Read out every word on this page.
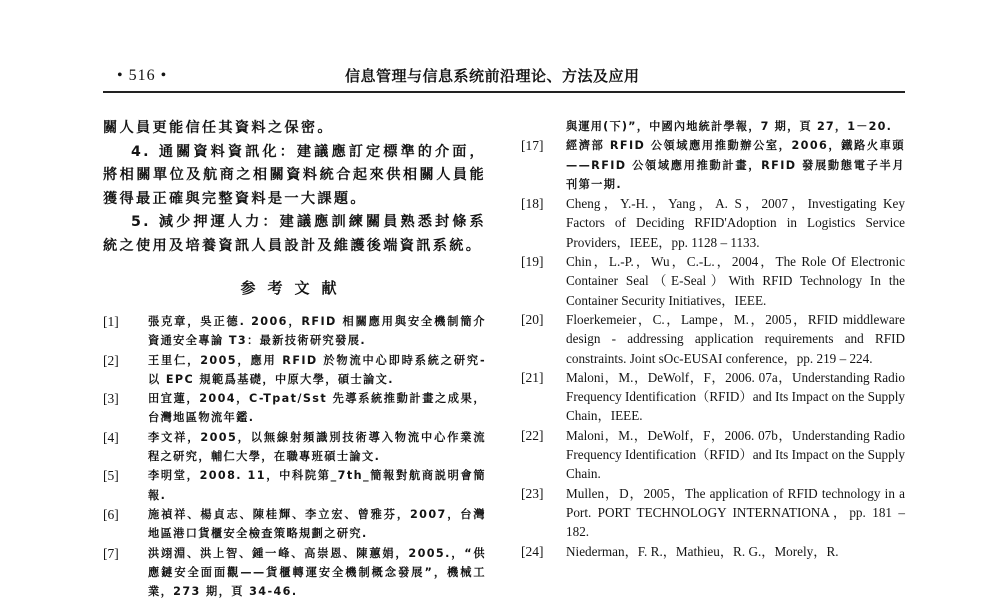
• 516 •	信息管理与信息系统前沿理论、方法及应用

關人員更能信任其資料之保密。

4. 通關資料資訊化：建議應訂定標準的介面，將相關單位及航商之相關資料統合起來供相關人員能獲得最正確與完整資料是一大課題。

5. 減少押運人力：建議應訓練關員熟悉封條系統之使用及培養資訊人員設計及維護後端資訊系統。

参考文献
[1]	張克章，吳正德. 2006，RFID 相關應用與安全機制簡介 資通安全專論 T3：最新技術研究發展.
[2]	王里仁，2005，應用 RFID 於物流中心即時系統之研究-以 EPC 規範爲基礎，中原大學，碩士論文.
[3]	田宜蓮，2004，C-Tpat/Sst 先導系統推動計畫之成果，台灣地區物流年鑑.
[4]	李文祥，2005，以無線射頻識別技術導入物流中心作業流程之研究，輔仁大學，在職專班碩士論文.
[5]	李明堂，2008. 11，中科院第_7th_簡報對航商説明會簡報.
[6]	施禎祥、楊貞志、陳桂輝、李立宏、曾雅芬，2007，台灣地區港口貨櫃安全檢查策略規劃之研究.
[7]	洪翊淵、洪上智、鍾一峰、高崇恩、陳蕙娟，2005.，“供應鏈安全面面觀——貨櫃轉運安全機制概念發展”，機械工業，273 期，頁 34-46.
與運用(下)”，中國內地統計學報，7 期，頁 27，1－20.
[17] 經濟部 RFID 公領域應用推動辦公室，2006，鐵路火車頭——RFID 公領域應用推動計畫，RFID 發展動態電子半月刊第一期.
[18] Cheng，Y.-H.，Yang，A. S，2007，Investigating Key Factors of Deciding RFID'Adoption in Logistics Service Providers，IEEE，pp. 1128 – 1133.
[19] Chin，L.-P.，Wu，C.-L.，2004，The Role Of Electronic Container Seal（E-Seal）With RFID Technology In the Container Security Initiatives，IEEE.
[20] Floerkemeier，C.，Lampe，M.，2005，RFID middleware design - addressing application requirements and RFID constraints. Joint sOc-EUSAI conference，pp. 219 – 224.
[21] Maloni，M.，DeWolf，F，2006. 07a，Understanding Radio Frequency Identification（RFID）and Its Impact on the Supply Chain，IEEE.
[22] Maloni，M.，DeWolf，F，2006. 07b，Understanding Radio Frequency Identification（RFID）and Its Impact on the Supply Chain.
[23] Mullen，D，2005，The application of RFID technology in a Port. PORT TECHNOLOGY INTERNATIONA，pp. 181 – 182.
[24] Niederman，F. R.，Mathieu，R. G.，Morely，R.
